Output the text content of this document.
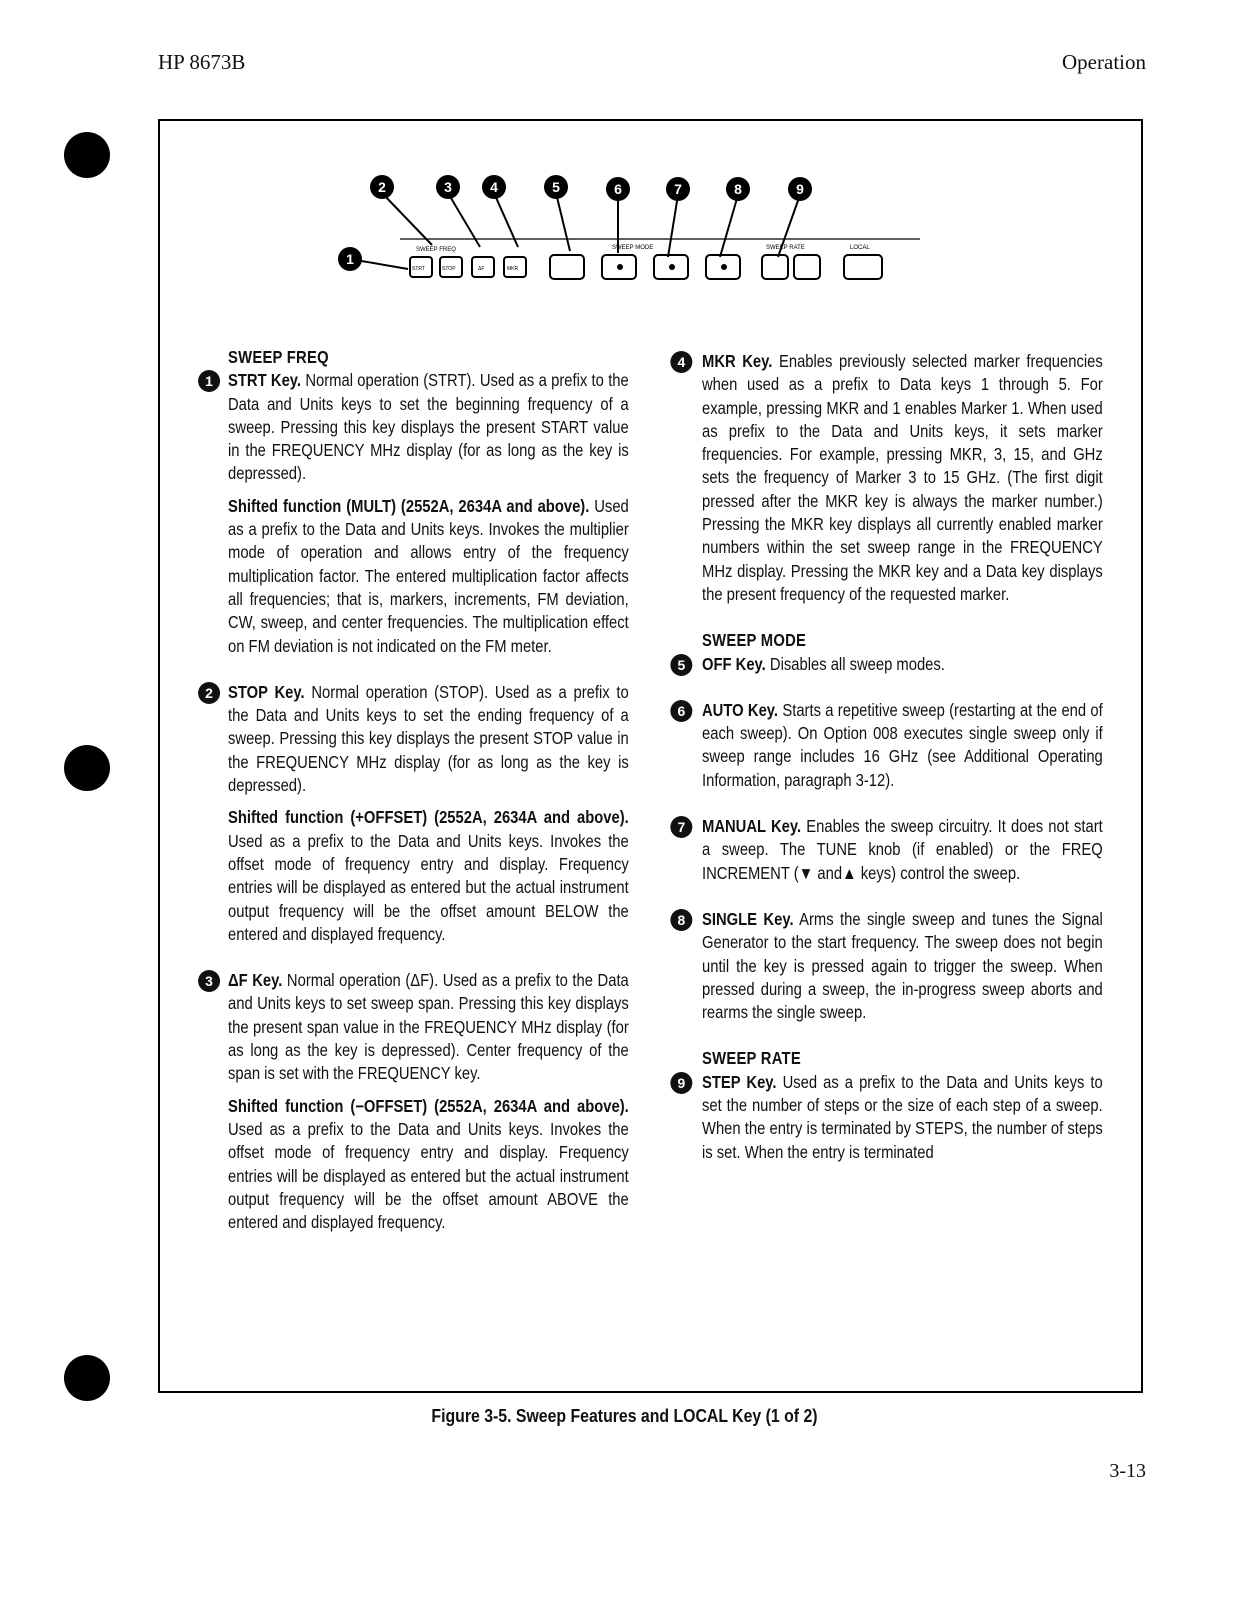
HP 8673B	Operation
1
2	3	4	5	6	7	8	9
SWEEP FREQ	SWEEP MODE	SWEEP RATE	LOCAL
STRT	STOP	ΔF	MKR
SWEEP FREQ
1 STRT Key. Normal operation (STRT). Used as a prefix to the Data and Units keys to set the beginning frequency of a sweep. Pressing this key displays the present START value in the FREQUENCY MHz display (for as long as the key is depressed).

Shifted function (MULT) (2552A, 2634A and above). Used as a prefix to the Data and Units keys. Invokes the multiplier mode of operation and allows entry of the frequency multiplication factor. The entered multiplication factor affects all frequencies; that is, markers, increments, FM deviation, CW, sweep, and center frequencies. The multiplication effect on FM deviation is not indicated on the FM meter.

2 STOP Key. Normal operation (STOP). Used as a prefix to the Data and Units keys to set the ending frequency of a sweep. Pressing this key displays the present STOP value in the FREQUENCY MHz display (for as long as the key is depressed).

Shifted function (+OFFSET) (2552A, 2634A and above). Used as a prefix to the Data and Units keys. Invokes the offset mode of frequency entry and display. Frequency entries will be displayed as entered but the actual instrument output frequency will be the offset amount BELOW the entered and displayed frequency.

3 ΔF Key. Normal operation (ΔF). Used as a prefix to the Data and Units keys to set sweep span. Pressing this key displays the present span value in the FREQUENCY MHz display (for as long as the key is depressed). Center frequency of the span is set with the FREQUENCY key.

Shifted function (−OFFSET) (2552A, 2634A and above). Used as a prefix to the Data and Units keys. Invokes the offset mode of frequency entry and display. Frequency entries will be displayed as entered but the actual instrument output frequency will be the offset amount ABOVE the entered and displayed frequency.

4 MKR Key. Enables previously selected marker frequencies when used as a prefix to Data keys 1 through 5. For example, pressing MKR and 1 enables Marker 1. When used as prefix to the Data and Units keys, it sets marker frequencies. For example, pressing MKR, 3, 15, and GHz sets the frequency of Marker 3 to 15 GHz. (The first digit pressed after the MKR key is always the marker number.) Pressing the MKR key displays all currently enabled marker numbers within the set sweep range in the FREQUENCY MHz display. Pressing the MKR key and a Data key displays the present frequency of the requested marker.

SWEEP MODE
5 OFF Key. Disables all sweep modes.

6 AUTO Key. Starts a repetitive sweep (restarting at the end of each sweep). On Option 008 executes single sweep only if sweep range includes 16 GHz (see Additional Operating Information, paragraph 3-12).

7 MANUAL Key. Enables the sweep circuitry. It does not start a sweep. The TUNE knob (if enabled) or the FREQ INCREMENT (▼ and▲ keys) control the sweep.

8 SINGLE Key. Arms the single sweep and tunes the Signal Generator to the start frequency. The sweep does not begin until the key is pressed again to trigger the sweep. When pressed during a sweep, the in-progress sweep aborts and rearms the single sweep.

SWEEP RATE
9 STEP Key. Used as a prefix to the Data and Units keys to set the number of steps or the size of each step of a sweep. When the entry is terminated by STEPS, the number of steps is set. When the entry is terminated

Figure 3-5. Sweep Features and LOCAL Key (1 of 2)
3-13
